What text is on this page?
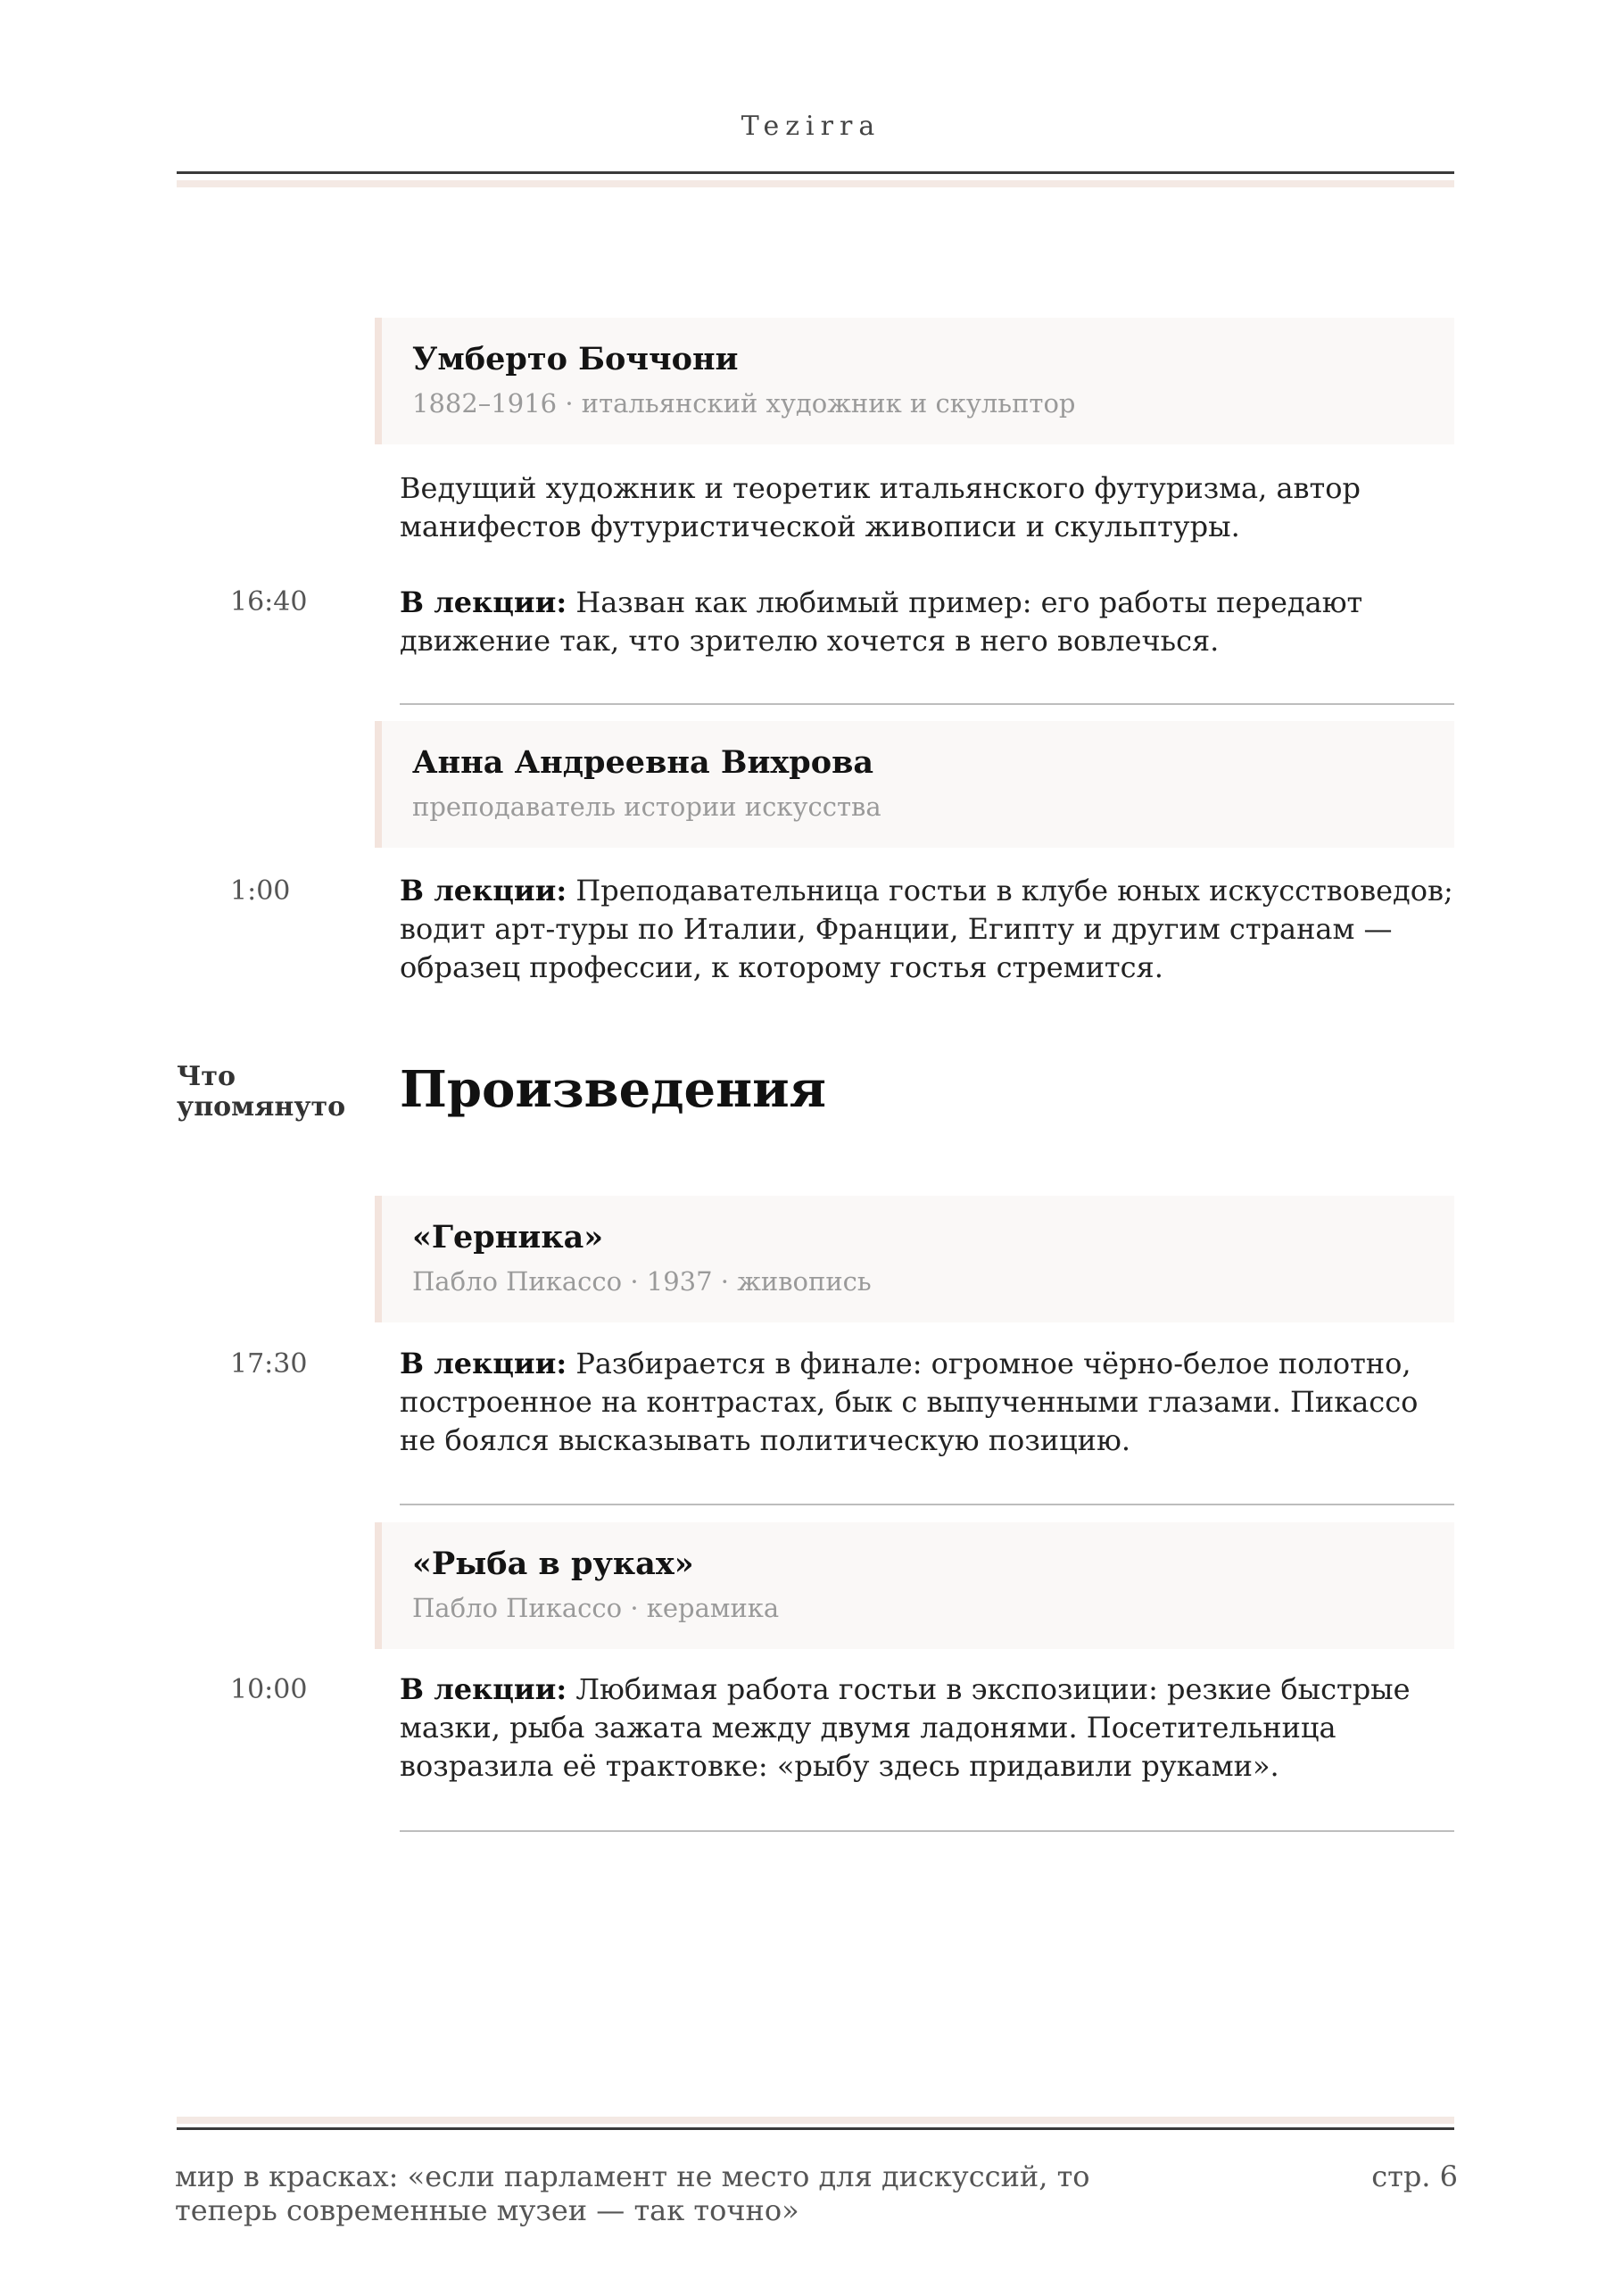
Tezirra
Умберто Боччони
1882–1916 · итальянский художник и скульптор
Ведущий художник и теоретик итальянского футуризма, автор манифестов футуристической живописи и скульптуры.
16:40	В лекции: Назван как любимый пример: его работы передают движение так, что зрителю хочется в него вовлечься.
Анна Андреевна Вихрова
преподаватель истории искусства
1:00	В лекции: Преподавательница гостьи в клубе юных искусствоведов; водит арт-туры по Италии, Франции, Египту и другим странам — образец профессии, к которому гостья стремится.
Что упомянуто Произведения
«Герника»
Пабло Пикассо · 1937 · живопись
17:30	В лекции: Разбирается в финале: огромное чёрно-белое полотно, построенное на контрастах, бык с выпученными глазами. Пикассо не боялся высказывать политическую позицию.
«Рыба в руках»
Пабло Пикассо · керамика
10:00	В лекции: Любимая работа гостьи в экспозиции: резкие быстрые мазки, рыба зажата между двумя ладонями. Посетительница возразила её трактовке: «рыбу здесь придавили руками».
мир в красках: «если парламент не место для дискуссий, то теперь современные музеи — так точно»
стр. 6
